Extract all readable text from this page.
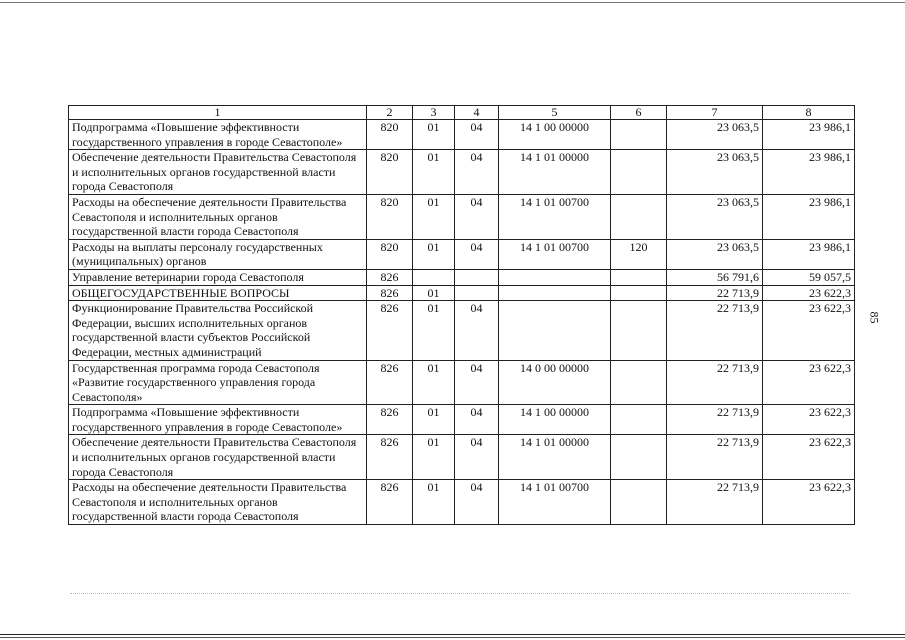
1	2	3	4	5	6	7	8
Подпрограмма «Повышение эффективности государственного управления в городе Севастополе»	820	01	04	14 1 00 00000		23 063,5	23 986,1
Обеспечение деятельности Правительства Севастополя и исполнительных органов государственной власти города Севастополя	820	01	04	14 1 01 00000		23 063,5	23 986,1
Расходы на обеспечение деятельности Правительства Севастополя и исполнительных органов государственной власти города Севастополя	820	01	04	14 1 01 00700		23 063,5	23 986,1
Расходы на выплаты персоналу государственных (муниципальных) органов	820	01	04	14 1 01 00700	120	23 063,5	23 986,1
Управление ветеринарии города Севастополя	826					56 791,6	59 057,5
ОБЩЕГОСУДАРСТВЕННЫЕ ВОПРОСЫ	826	01				22 713,9	23 622,3
Функционирование Правительства Российской Федерации, высших исполнительных органов государственной власти субъектов Российской Федерации, местных администраций	826	01	04			22 713,9	23 622,3
Государственная программа города Севастополя «Развитие государственного управления города Севастополя»	826	01	04	14 0 00 00000		22 713,9	23 622,3
Подпрограмма «Повышение эффективности государственного управления в городе Севастополе»	826	01	04	14 1 00 00000		22 713,9	23 622,3
Обеспечение деятельности Правительства Севастополя и исполнительных органов государственной власти города Севастополя	826	01	04	14 1 01 00000		22 713,9	23 622,3
Расходы на обеспечение деятельности Правительства Севастополя и исполнительных органов государственной власти города Севастополя	826	01	04	14 1 01 00700		22 713,9	23 622,3
85
